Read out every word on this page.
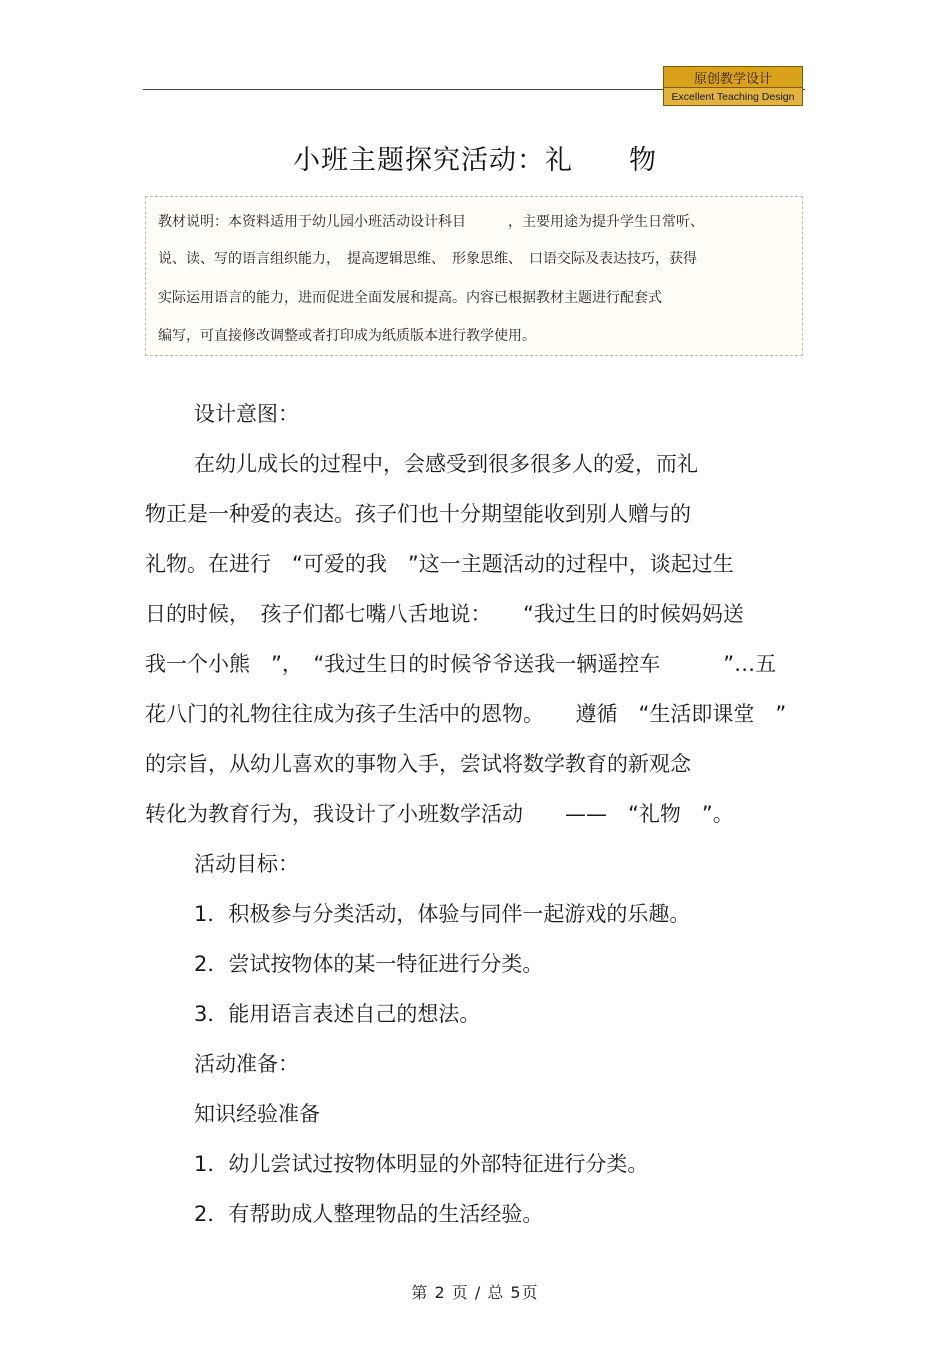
原创教学设计
Excellent Teaching Design
小班主题探究活动：礼　　物
教材说明：本资料适用于幼儿园小班活动设计科目　　　，主要用途为提升学生日常听、
说、读、写的语言组织能力，　提高逻辑思维、　形象思维、　口语交际及表达技巧，获得
实际运用语言的能力，进而促进全面发展和提高。内容已根据教材主题进行配套式
编写，可直接修改调整或者打印成为纸质版本进行教学使用。
设计意图：
在幼儿成长的过程中，会感受到很多很多人的爱，而礼
物正是一种爱的表达。孩子们也十分期望能收到别人赠与的
礼物。在进行　“可爱的我　”这一主题活动的过程中，谈起过生
日的时候，　孩子们都七嘴八舌地说：　　“我过生日的时候妈妈送
我一个小熊　”，　“我过生日的时候爷爷送我一辆遥控车　　　”…五
花八门的礼物往往成为孩子生活中的恩物。　　遵循　“生活即课堂　”
的宗旨，从幼儿喜欢的事物入手，尝试将数学教育的新观念
转化为教育行为，我设计了小班数学活动　　——　“礼物　”。
活动目标：
1．积极参与分类活动，体验与同伴一起游戏的乐趣。
2．尝试按物体的某一特征进行分类。
3．能用语言表述自己的想法。
活动准备：
知识经验准备
1．幼儿尝试过按物体明显的外部特征进行分类。
2．有帮助成人整理物品的生活经验。
第 2 页 / 总 5页
